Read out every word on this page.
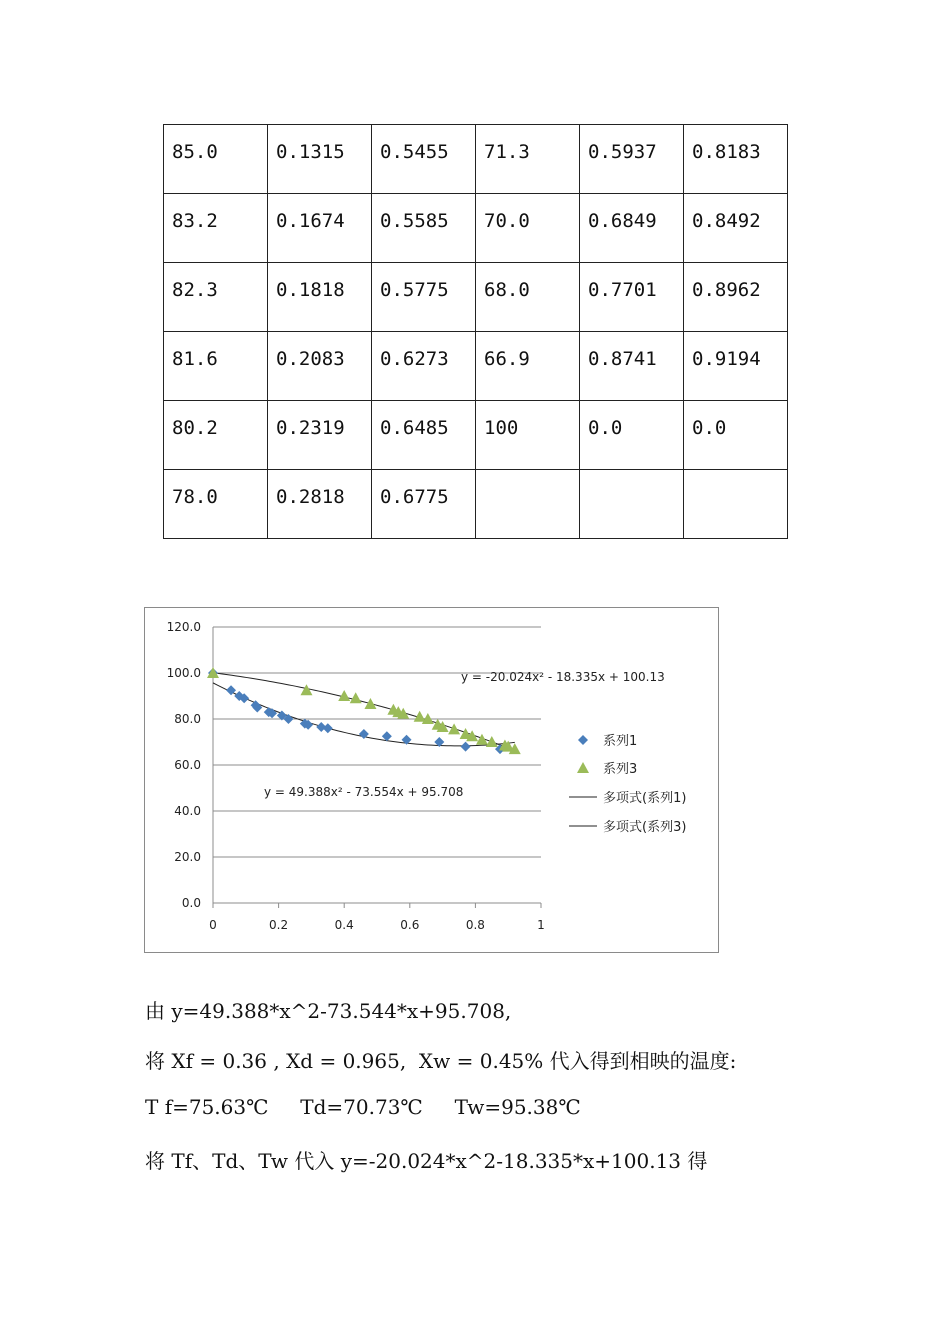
85.0	0.1315	0.5455	71.3	0.5937	0.8183
83.2	0.1674	0.5585	70.0	0.6849	0.8492
82.3	0.1818	0.5775	68.0	0.7701	0.8962
81.6	0.2083	0.6273	66.9	0.8741	0.9194
80.2	0.2319	0.6485	100	0.0	0.0
78.0	0.2818	0.6775			
0.0
20.0
40.0
60.0
80.0
100.0
120.0
0	0.2	0.4	0.6	0.8	1
y = -20.024x² - 18.335x + 100.13
y = 49.388x² - 73.554x + 95.708
系列1
系列3
多项式(系列1)
多项式(系列3)
由 y=49.388*x^2-73.544*x+95.708,
将 Xf = 0.36 , Xd = 0.965,  Xw = 0.45% 代入得到相映的温度:
T f=75.63℃     Td=70.73℃     Tw=95.38℃
将 Tf、Td、Tw 代入 y=-20.024*x^2-18.335*x+100.13 得
